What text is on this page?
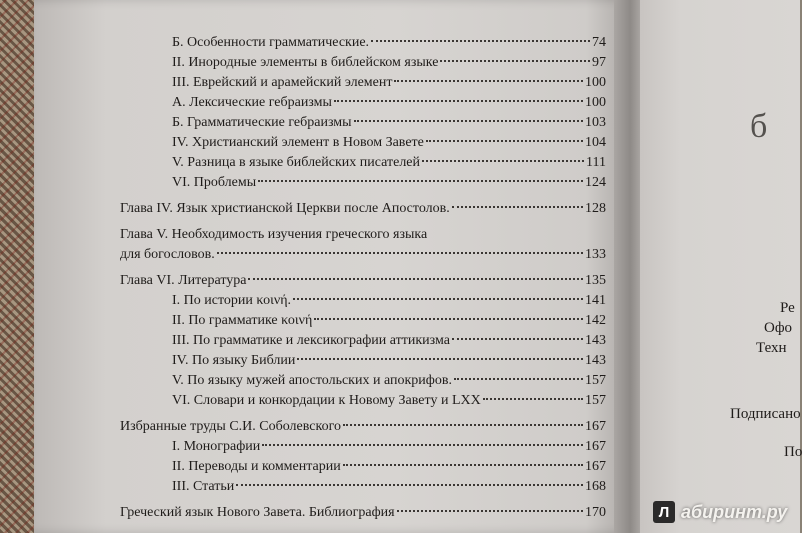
Б. Особенности грамматические.	74
II. Инородные элементы в библейском языке	97
III. Еврейский и арамейский элемент	100
А. Лексические гебраизмы	100
Б. Грамматические гебраизмы	103
IV. Христианский элемент в Новом Завете	104
V. Разница в языке библейских писателей	111
VI. Проблемы	124
Глава IV. Язык христианской Церкви после Апостолов.	128
Глава V. Необходимость изучения греческого языка
для богословов.	133
Глава VI. Литература	135
I. По истории κοινή.	141
II. По грамматике κοινή	142
III. По грамматике и лексикографии аттикизма	143
IV. По языку Библии	143
V. По языку мужей апостольских и апокрифов.	157
VI. Словари и конкордации к Новому Завету и LXX	157
Избранные труды С.И. Соболевского	167
I. Монографии	167
II. Переводы и комментарии	167
III. Статьи	168
Греческий язык Нового Завета. Библиография	170
б
Ре
Офо
Техн
Подписано
По
Л абиринт.ру
